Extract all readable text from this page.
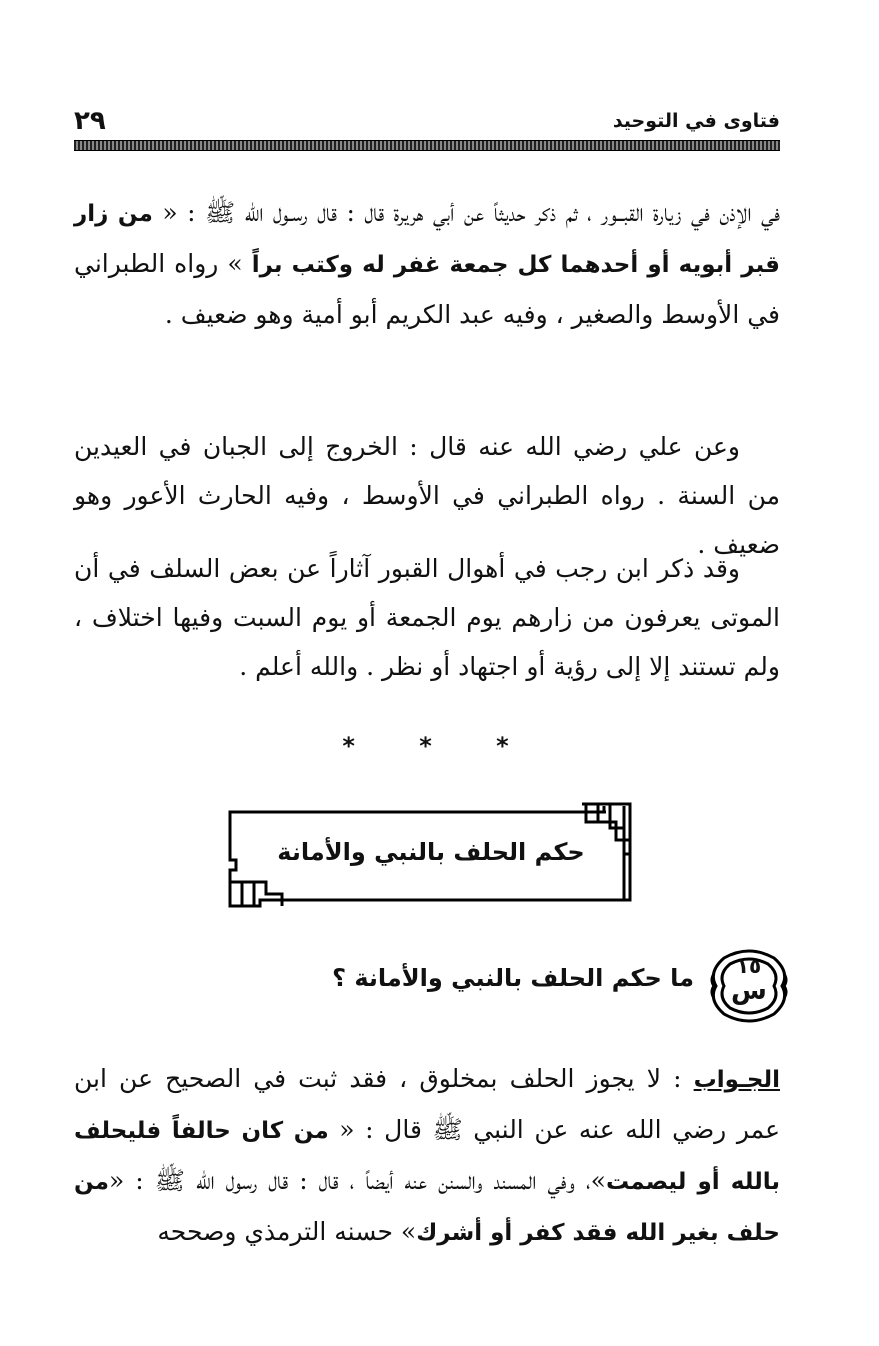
٢٩	فتاوى في التوحيد

في الإذن في زيارة القبــور ، ثم ذكر حديثاً عن أبي هريرة قال : قال رسـول الله ﷺ : « من زار قبر أبويه أو أحدهما كل جمعة غفر له وكتب براً » رواه الطبراني في الأوسط والصغير ، وفيه عبد الكريم أبو أمية وهو ضعيف .

وعن علي رضي الله عنه قال : الخروج إلى الجبان في العيدين من السنة . رواه الطبراني في الأوسط ، وفيه الحارث الأعور وهو ضعيف .

وقد ذكر ابن رجب في أهوال القبور آثاراً عن بعض السلف في أن الموتى يعرفون من زارهم يوم الجمعة أو يوم السبت وفيها اختلاف ، ولم تستند إلا إلى رؤية أو اجتهاد أو نظر . والله أعلم .

* * *
حكم الحلف بالنبي والأمانة
١٥
س
ما حكم الحلف بالنبي والأمانة ؟

الجـواب : لا يجوز الحلف بمخلوق ، فقد ثبت في الصحيح عن ابن عمر رضي الله عنه عن النبي ﷺ قال : « من كان حالفاً فليحلف بالله أو ليصمت»، وفي المسند والسنن عنه أيضاً ، قال : قال رسول الله ﷺ : «من حلف بغير الله فقد كفر أو أشرك» حسنه الترمذي وصححه
